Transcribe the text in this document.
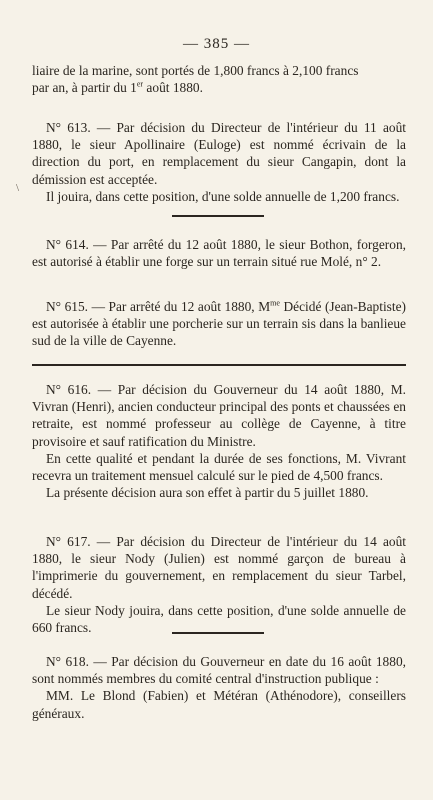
— 385 —

liaire de la marine, sont portés de 1,800 francs à 2,100 francs

par an, à partir du 1er août 1880.

N° 613. — Par décision du Directeur de l'intérieur du 11 août 1880, le sieur Apollinaire (Euloge) est nommé écrivain de la direction du port, en remplacement du sieur Cangapin, dont la démission est acceptée.

Il jouira, dans cette position, d'une solde annuelle de 1,200 francs.

\

N° 614. — Par arrêté du 12 août 1880, le sieur Bothon, forgeron, est autorisé à établir une forge sur un terrain situé rue Molé, n° 2.

N° 615. — Par arrêté du 12 août 1880, $M^{me}$ Décidé (Jean-Baptiste) est autorisée à établir une porcherie sur un terrain sis dans la banlieue sud de la ville de Cayenne.

N° 616. — Par décision du Gouverneur du 14 août 1880, M. Vivran (Henri), ancien conducteur principal des ponts et chaussées en retraite, est nommé professeur au collège de Cayenne, à titre provisoire et sauf ratification du Ministre.

En cette qualité et pendant la durée de ses fonctions, M. Vivrant recevra un traitement mensuel calculé sur le pied de 4,500 francs.

La présente décision aura son effet à partir du 5 juillet 1880.

N° 617. — Par décision du Directeur de l'intérieur du 14 août 1880, le sieur Nody (Julien) est nommé garçon de bureau à l'imprimerie du gouvernement, en remplacement du sieur Tarbel, décédé.

Le sieur Nody jouira, dans cette position, d'une solde annuelle de 660 francs.

N° 618. — Par décision du Gouverneur en date du 16 août 1880, sont nommés membres du comité central d'instruction publique :

MM. Le Blond (Fabien) et Météran (Athénodore), conseillers généraux.
